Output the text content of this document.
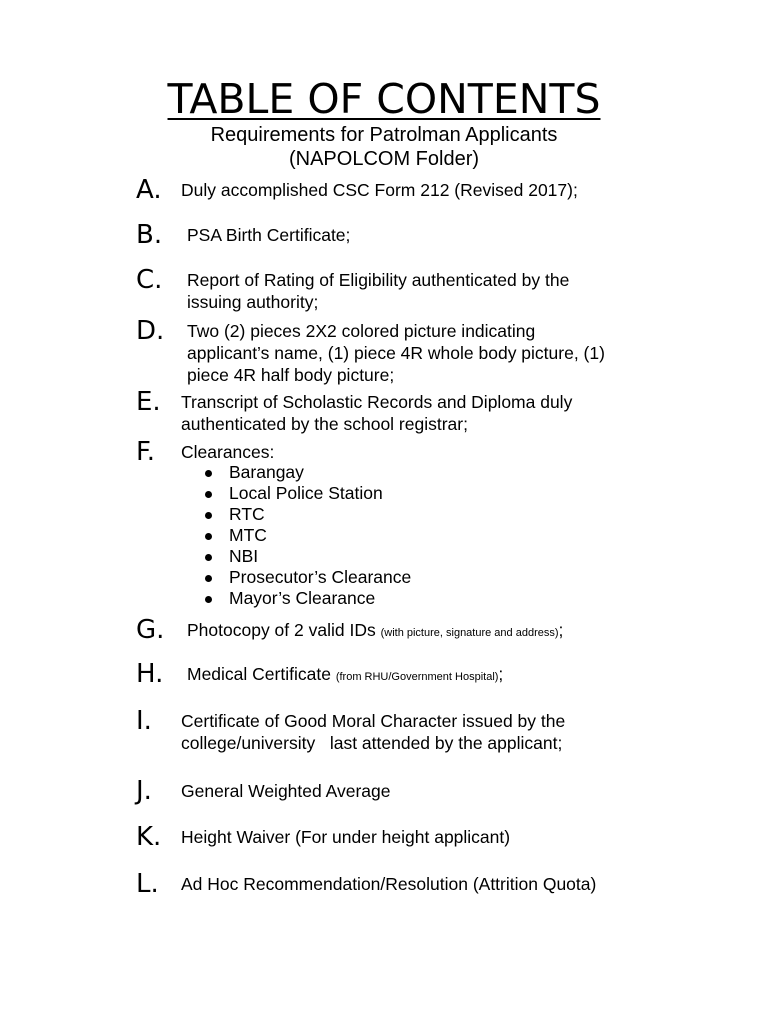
TABLE OF CONTENTS
Requirements for Patrolman Applicants
(NAPOLCOM Folder)
A. Duly accomplished CSC Form 212 (Revised 2017);
B. PSA Birth Certificate;
C. Report of Rating of Eligibility authenticated by the
issuing authority;
D. Two (2) pieces 2X2 colored picture indicating
applicant’s name, (1) piece 4R whole body picture, (1)
piece 4R half body picture;
E. Transcript of Scholastic Records and Diploma duly
authenticated by the school registrar;
F. Clearances:
Barangay
Local Police Station
RTC
MTC
NBI
Prosecutor’s Clearance
Mayor’s Clearance
G. Photocopy of 2 valid IDs (with picture, signature and address);
H. Medical Certificate (from RHU/Government Hospital);
I. Certificate of Good Moral Character issued by the
college/university   last attended by the applicant;
J. General Weighted Average
K. Height Waiver (For under height applicant)
L. Ad Hoc Recommendation/Resolution (Attrition Quota)
